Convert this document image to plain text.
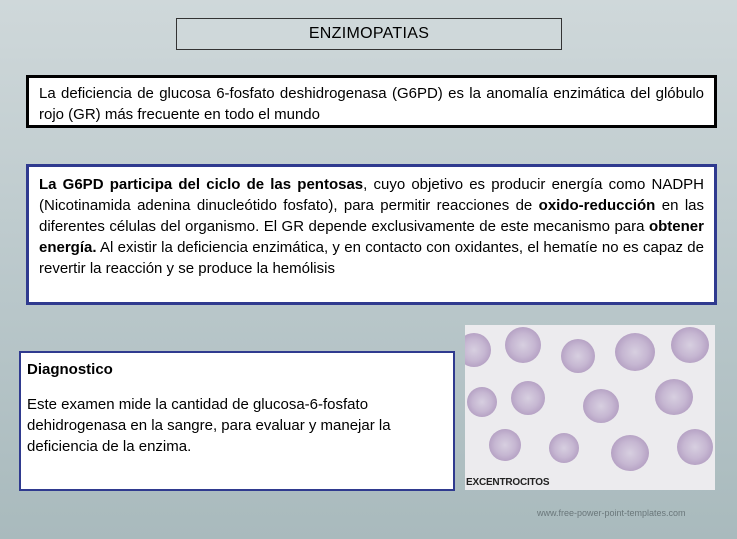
ENZIMOPATIAS
La deficiencia de glucosa 6-fosfato deshidrogenasa (G6PD) es la anomalía enzimática del glóbulo rojo (GR) más frecuente en todo el mundo
La G6PD participa del ciclo de las pentosas, cuyo objetivo es producir energía como NADPH (Nicotinamida adenina dinucleótido fosfato), para permitir reacciones de oxido-reducción en las diferentes células del organismo. El GR depende exclusivamente de este mecanismo para obtener energía. Al existir la deficiencia enzimática, y en contacto con oxidantes, el hematíe no es capaz de revertir la reacción y se produce la hemólisis
Diagnostico
Este examen mide la cantidad de glucosa-6-fosfato dehidrogenasa en la sangre, para evaluar y manejar la deficiencia de la enzima.
EXCENTROCITOS
www.free-power-point-templates.com
